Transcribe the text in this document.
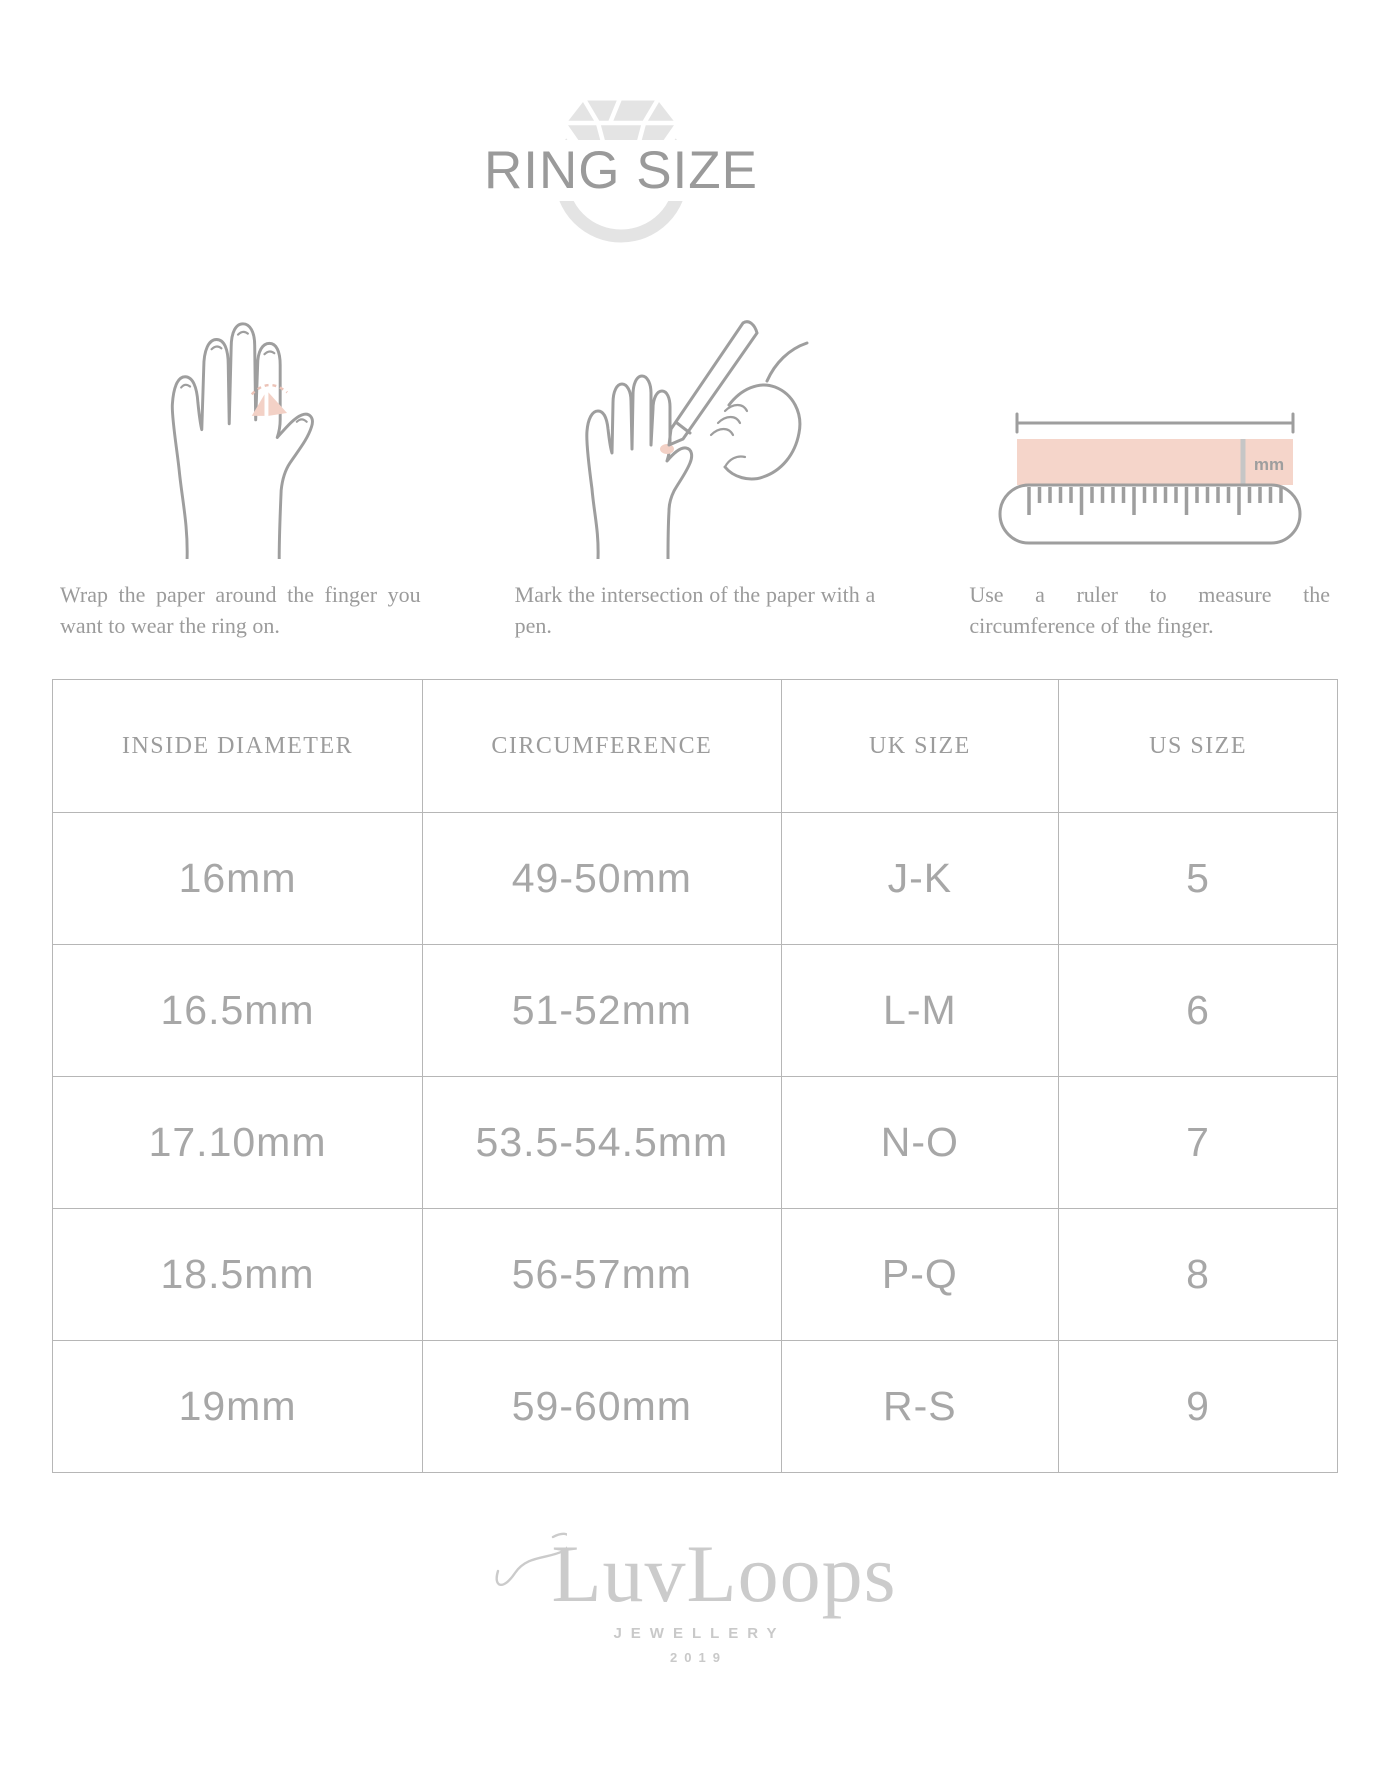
RING SIZE

Wrap the paper around the finger you want to wear the ring on.

Mark the intersection of the paper with a pen.

mm

Use a ruler to measure the circumference of the finger.

INSIDE DIAMETER	CIRCUMFERENCE	UK SIZE	US SIZE
16mm	49-50mm	J-K	5
16.5mm	51-52mm	L-M	6
17.10mm	53.5-54.5mm	N-O	7
18.5mm	56-57mm	P-Q	8
19mm	59-60mm	R-S	9
LuvLoops
JEWELLERY
2019
